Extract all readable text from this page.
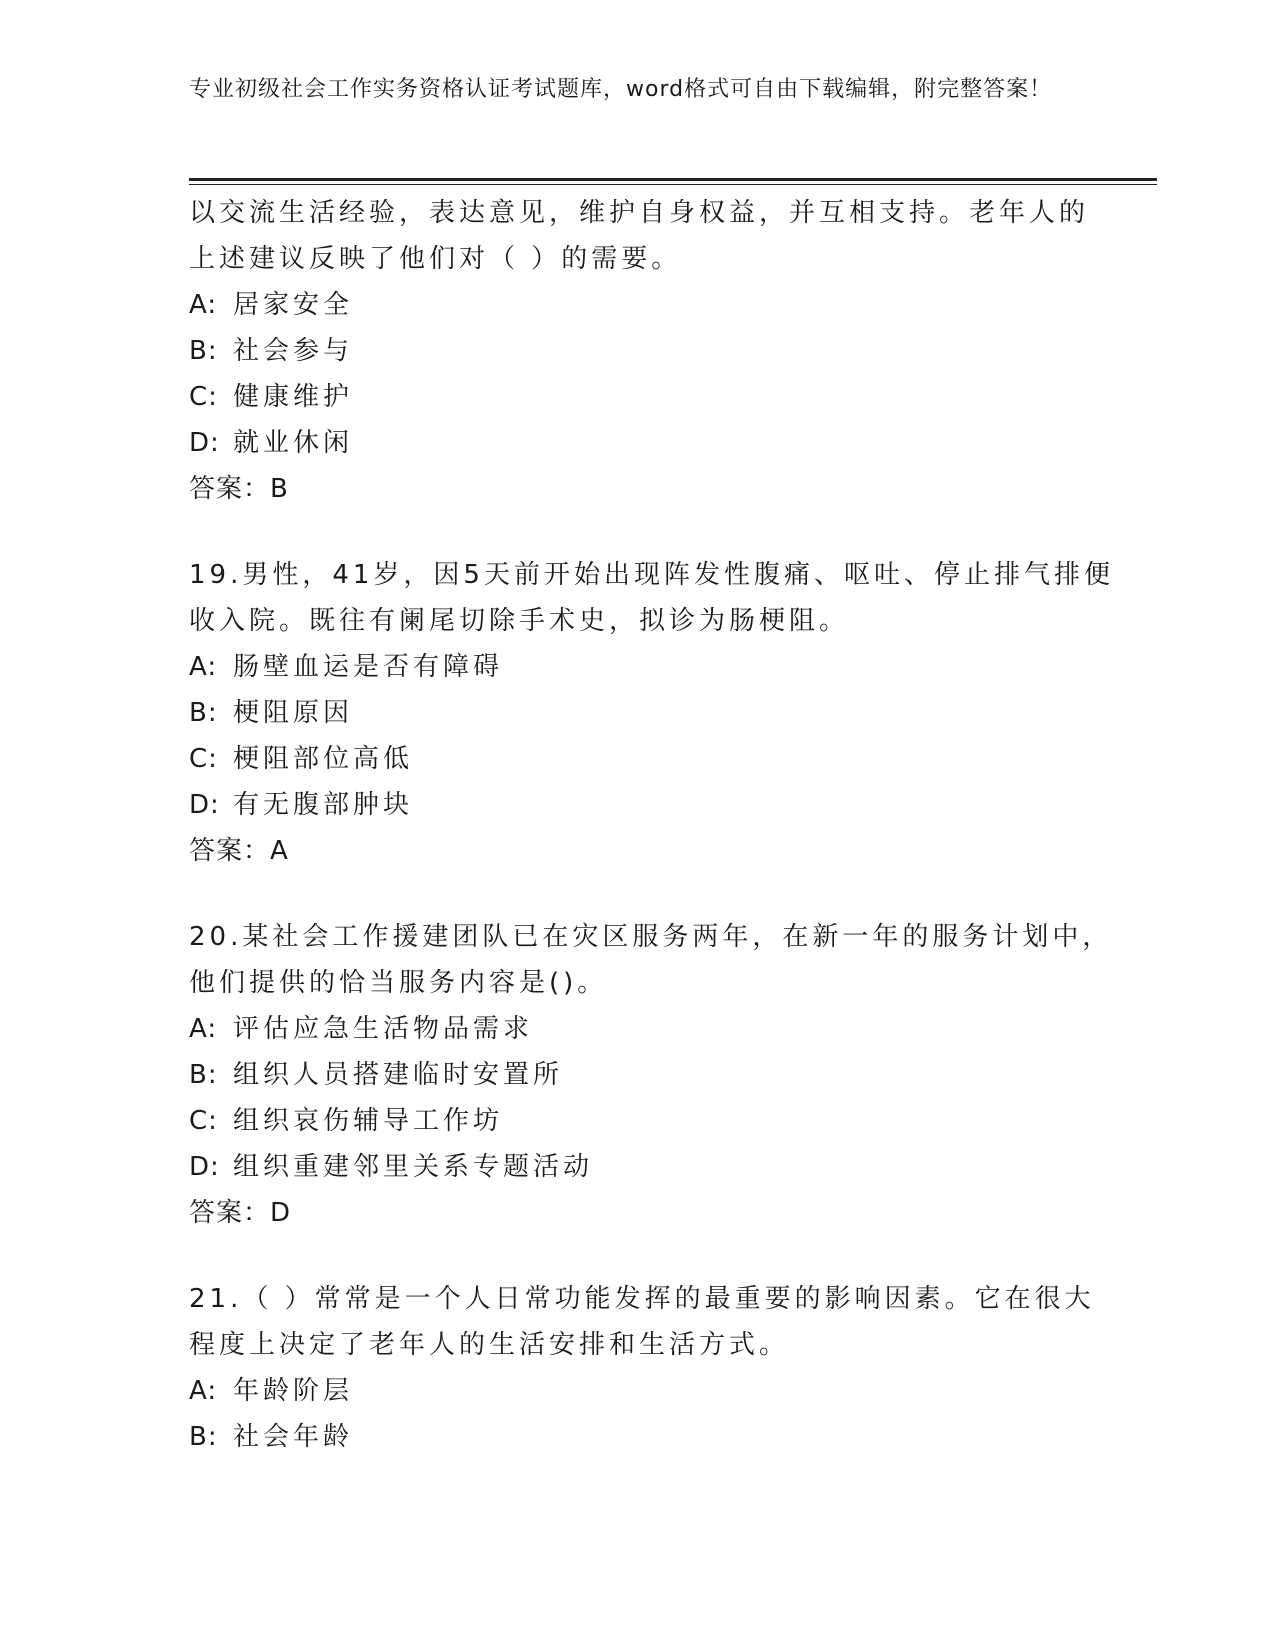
专业初级社会工作实务资格认证考试题库，word格式可自由下载编辑，附完整答案！
以交流生活经验，表达意见，维护自身权益，并互相支持。老年人的
上述建议反映了他们对（ ）的需要。
A: 居家安全
B: 社会参与
C: 健康维护
D: 就业休闲
答案：B
19.男性，41岁，因5天前开始出现阵发性腹痛、呕吐、停止排气排便
收入院。既往有阑尾切除手术史，拟诊为肠梗阻。
A: 肠壁血运是否有障碍
B: 梗阻原因
C: 梗阻部位高低
D: 有无腹部肿块
答案：A
20.某社会工作援建团队已在灾区服务两年，在新一年的服务计划中，
他们提供的恰当服务内容是()。
A: 评估应急生活物品需求
B: 组织人员搭建临时安置所
C: 组织哀伤辅导工作坊
D: 组织重建邻里关系专题活动
答案：D
21.（ ）常常是一个人日常功能发挥的最重要的影响因素。它在很大
程度上决定了老年人的生活安排和生活方式。
A: 年龄阶层
B: 社会年龄
